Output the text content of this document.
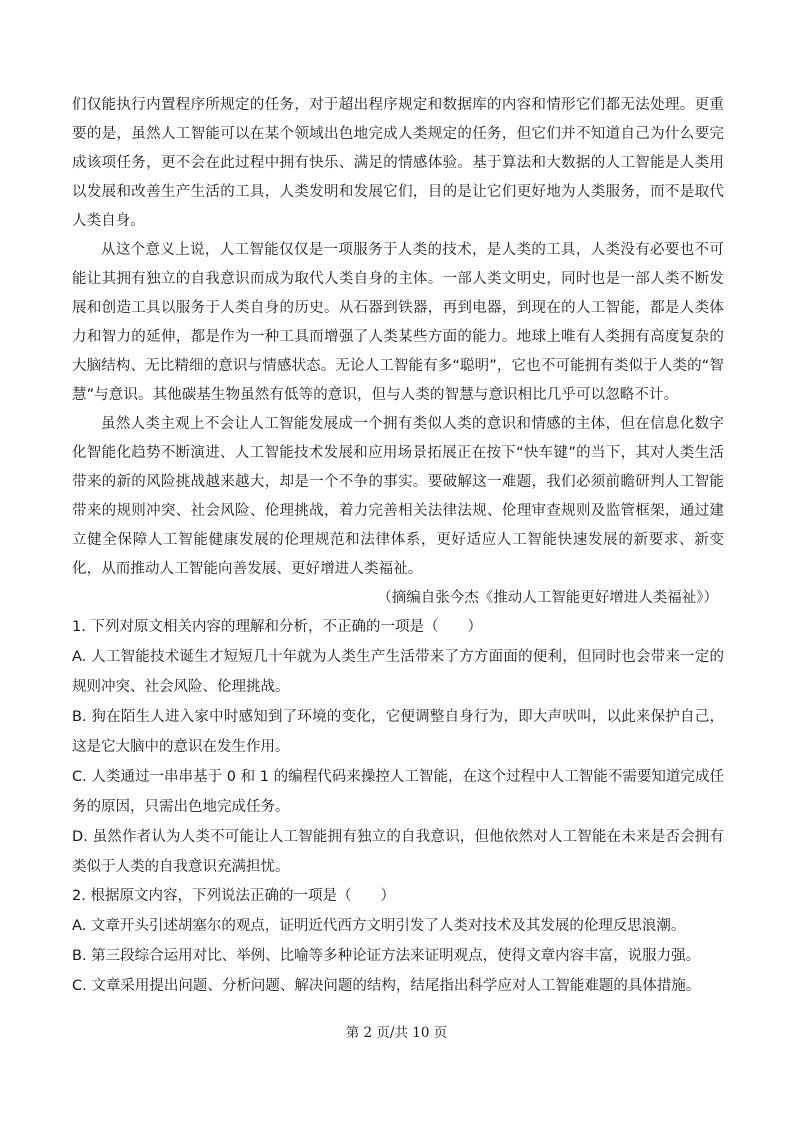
们仅能执行内置程序所规定的任务，对于超出程序规定和数据库的内容和情形它们都无法处理。更重要的是，虽然人工智能可以在某个领域出色地完成人类规定的任务，但它们并不知道自己为什么要完成该项任务，更不会在此过程中拥有快乐、满足的情感体验。基于算法和大数据的人工智能是人类用以发展和改善生产生活的工具，人类发明和发展它们，目的是让它们更好地为人类服务，而不是取代人类自身。

从这个意义上说，人工智能仅仅是一项服务于人类的技术，是人类的工具，人类没有必要也不可能让其拥有独立的自我意识而成为取代人类自身的主体。一部人类文明史，同时也是一部人类不断发展和创造工具以服务于人类自身的历史。从石器到铁器，再到电器，到现在的人工智能，都是人类体力和智力的延伸，都是作为一种工具而增强了人类某些方面的能力。地球上唯有人类拥有高度复杂的大脑结构、无比精细的意识与情感状态。无论人工智能有多“聪明”，它也不可能拥有类似于人类的“智慧”与意识。其他碳基生物虽然有低等的意识，但与人类的智慧与意识相比几乎可以忽略不计。

虽然人类主观上不会让人工智能发展成一个拥有类似人类的意识和情感的主体，但在信息化数字化智能化趋势不断演进、人工智能技术发展和应用场景拓展正在按下“快车键”的当下，其对人类生活带来的新的风险挑战越来越大，却是一个不争的事实。要破解这一难题，我们必须前瞻研判人工智能带来的规则冲突、社会风险、伦理挑战，着力完善相关法律法规、伦理审查规则及监管框架，通过建立健全保障人工智能健康发展的伦理规范和法律体系，更好适应人工智能快速发展的新要求、新变化，从而推动人工智能向善发展、更好增进人类福祉。

（摘编自张今杰《推动人工智能更好增进人类福祉》）

1. 下列对原文相关内容的理解和分析，不正确的一项是（　　）

A. 人工智能技术诞生才短短几十年就为人类生产生活带来了方方面面的便利，但同时也会带来一定的规则冲突、社会风险、伦理挑战。

B. 狗在陌生人进入家中时感知到了环境的变化，它便调整自身行为，即大声吠叫，以此来保护自己，这是它大脑中的意识在发生作用。

C. 人类通过一串串基于 0 和 1 的编程代码来操控人工智能，在这个过程中人工智能不需要知道完成任务的原因，只需出色地完成任务。

D. 虽然作者认为人类不可能让人工智能拥有独立的自我意识，但他依然对人工智能在未来是否会拥有类似于人类的自我意识充满担忧。

2. 根据原文内容，下列说法正确的一项是（　　）

A. 文章开头引述胡塞尔的观点，证明近代西方文明引发了人类对技术及其发展的伦理反思浪潮。

B. 第三段综合运用对比、举例、比喻等多种论证方法来证明观点，使得文章内容丰富，说服力强。

C. 文章采用提出问题、分析问题、解决问题的结构，结尾指出科学应对人工智能难题的具体措施。

第 2 页/共 10 页
